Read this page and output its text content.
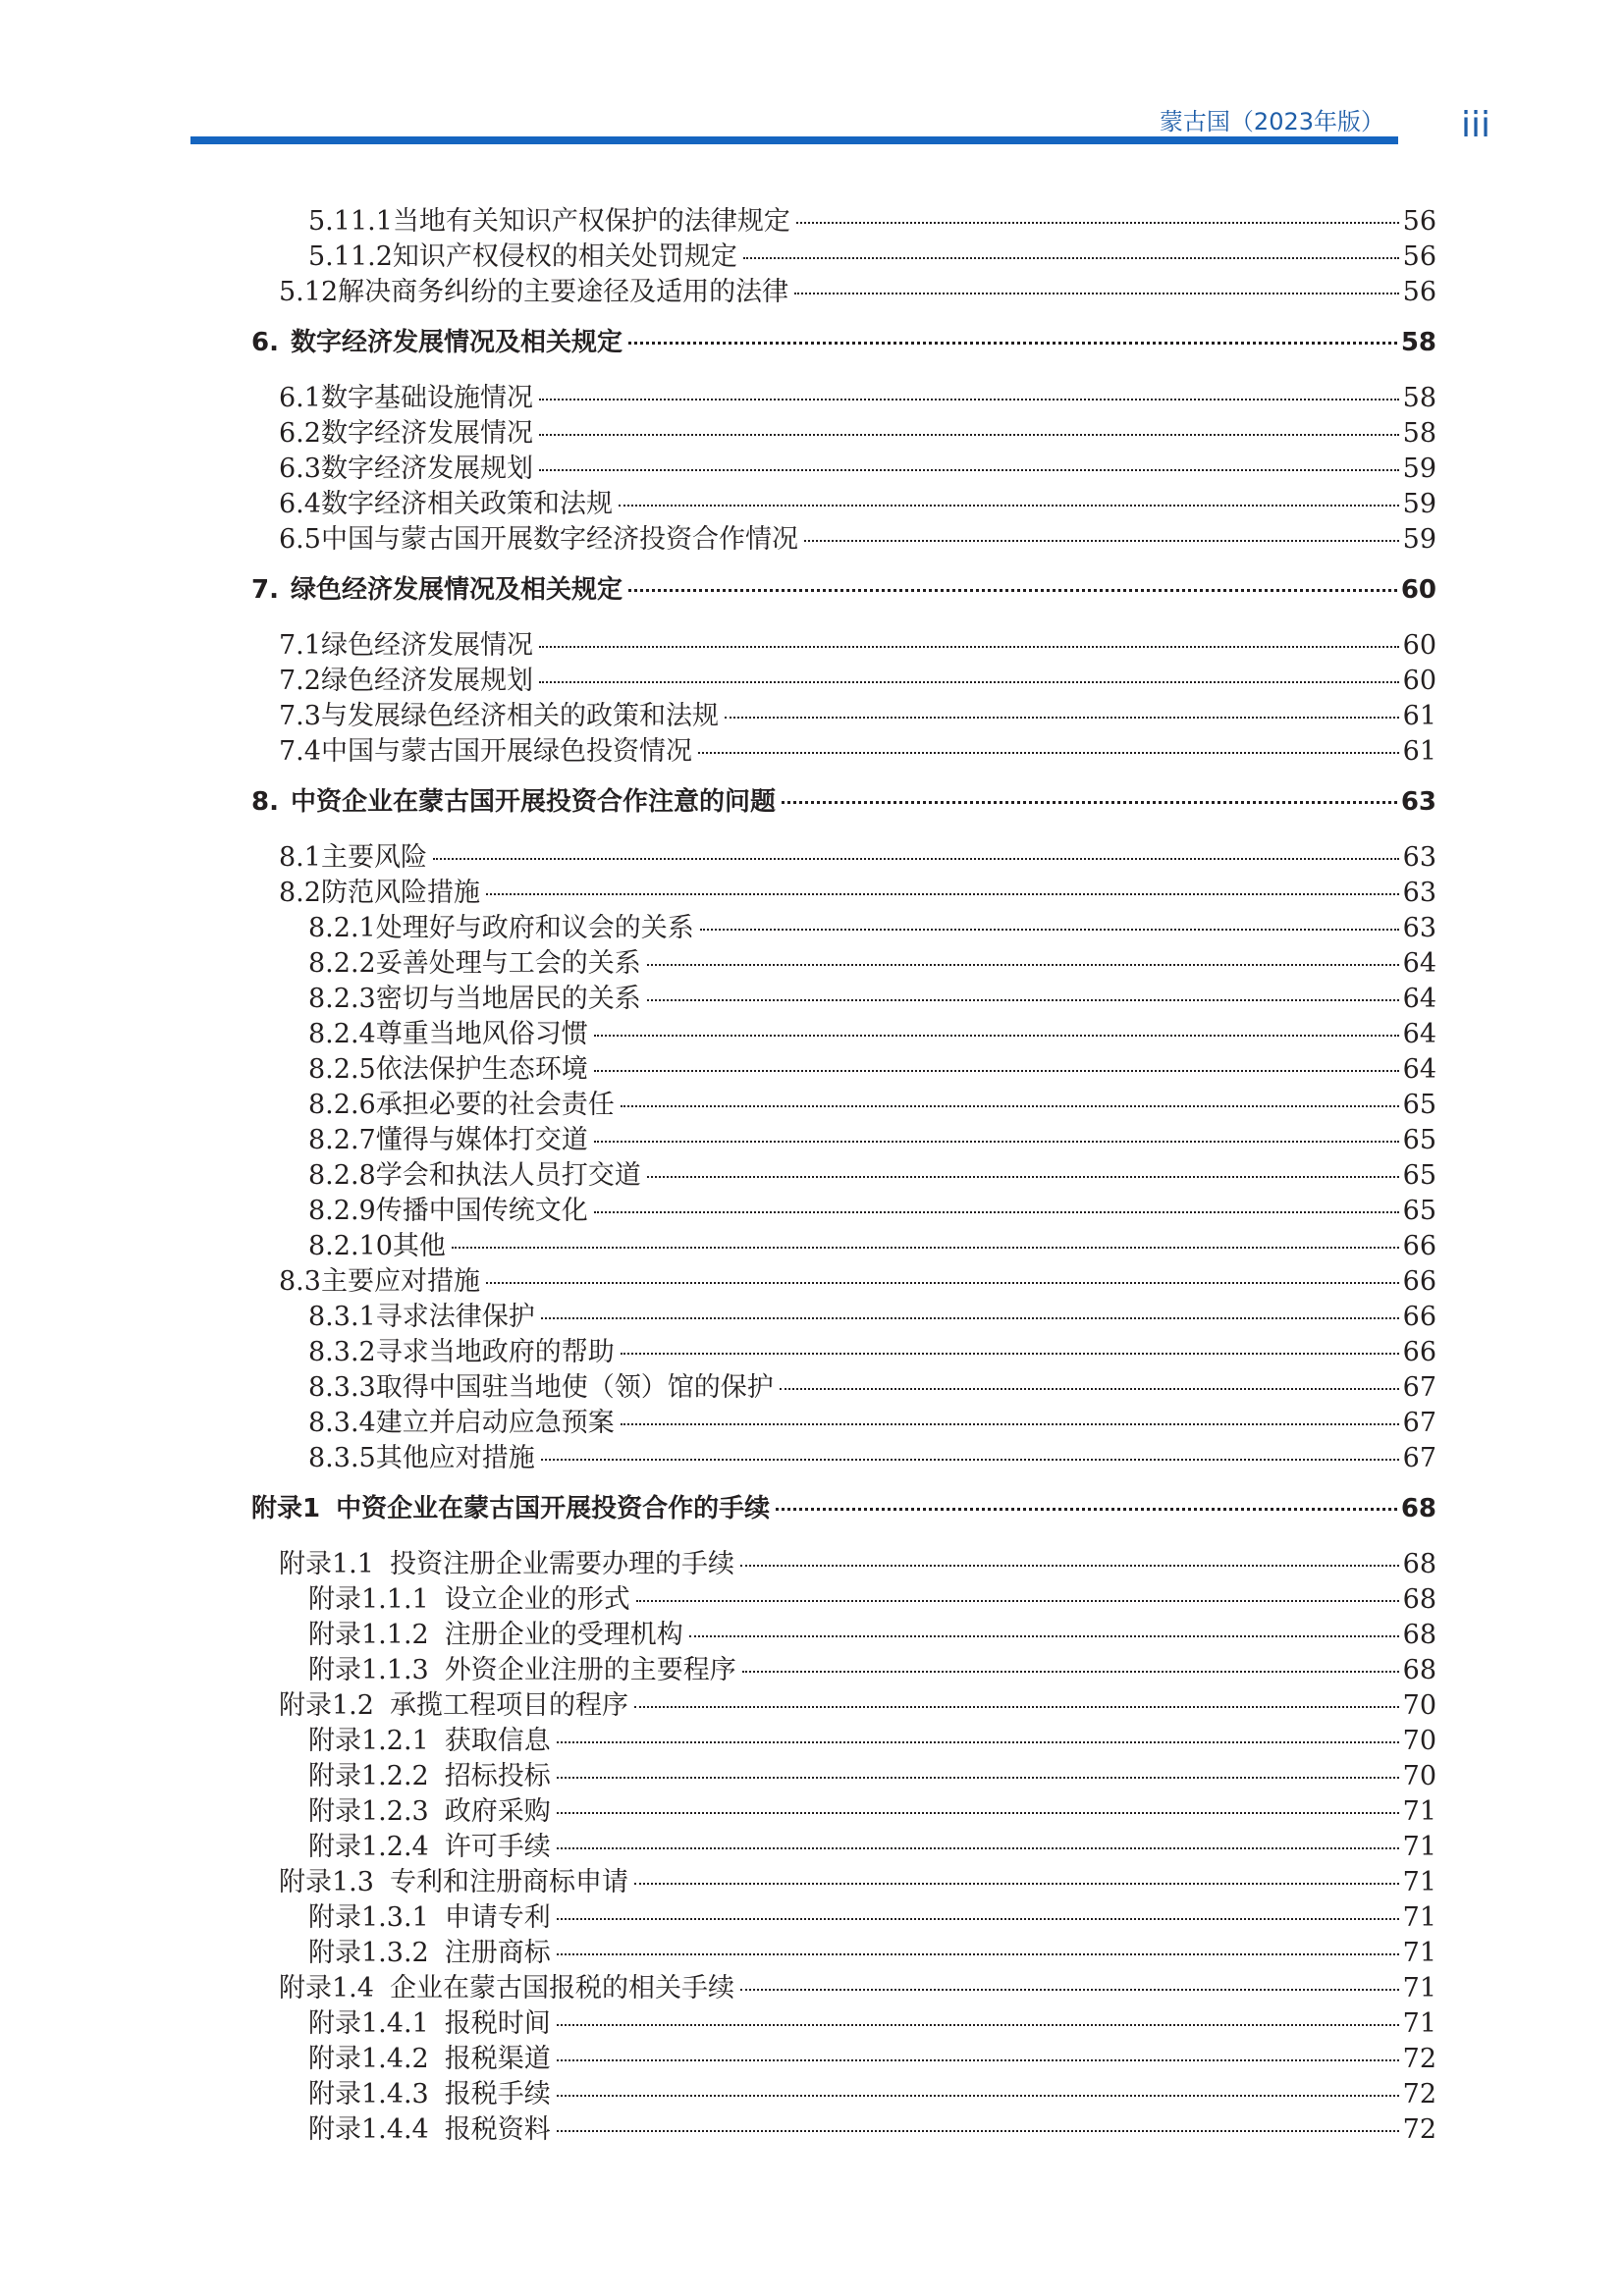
蒙古国（2023年版） iii
5.11.1 当地有关知识产权保护的法律规定	56
5.11.2 知识产权侵权的相关处罚规定	56
5.12 解决商务纠纷的主要途径及适用的法律	56
6. 数字经济发展情况及相关规定	58
6.1 数字基础设施情况	58
6.2 数字经济发展情况	58
6.3 数字经济发展规划	59
6.4 数字经济相关政策和法规	59
6.5 中国与蒙古国开展数字经济投资合作情况	59
7. 绿色经济发展情况及相关规定	60
7.1 绿色经济发展情况	60
7.2 绿色经济发展规划	60
7.3 与发展绿色经济相关的政策和法规	61
7.4 中国与蒙古国开展绿色投资情况	61
8. 中资企业在蒙古国开展投资合作注意的问题	63
8.1 主要风险	63
8.2 防范风险措施	63
8.2.1 处理好与政府和议会的关系	63
8.2.2 妥善处理与工会的关系	64
8.2.3 密切与当地居民的关系	64
8.2.4 尊重当地风俗习惯	64
8.2.5 依法保护生态环境	64
8.2.6 承担必要的社会责任	65
8.2.7 懂得与媒体打交道	65
8.2.8 学会和执法人员打交道	65
8.2.9 传播中国传统文化	65
8.2.10 其他	66
8.3 主要应对措施	66
8.3.1 寻求法律保护	66
8.3.2 寻求当地政府的帮助	66
8.3.3 取得中国驻当地使（领）馆的保护	67
8.3.4 建立并启动应急预案	67
8.3.5 其他应对措施	67
附录1 中资企业在蒙古国开展投资合作的手续	68
附录1.1 投资注册企业需要办理的手续	68
附录1.1.1 设立企业的形式	68
附录1.1.2 注册企业的受理机构	68
附录1.1.3 外资企业注册的主要程序	68
附录1.2 承揽工程项目的程序	70
附录1.2.1 获取信息	70
附录1.2.2 招标投标	70
附录1.2.3 政府采购	71
附录1.2.4 许可手续	71
附录1.3 专利和注册商标申请	71
附录1.3.1 申请专利	71
附录1.3.2 注册商标	71
附录1.4 企业在蒙古国报税的相关手续	71
附录1.4.1 报税时间	71
附录1.4.2 报税渠道	72
附录1.4.3 报税手续	72
附录1.4.4 报税资料	72
